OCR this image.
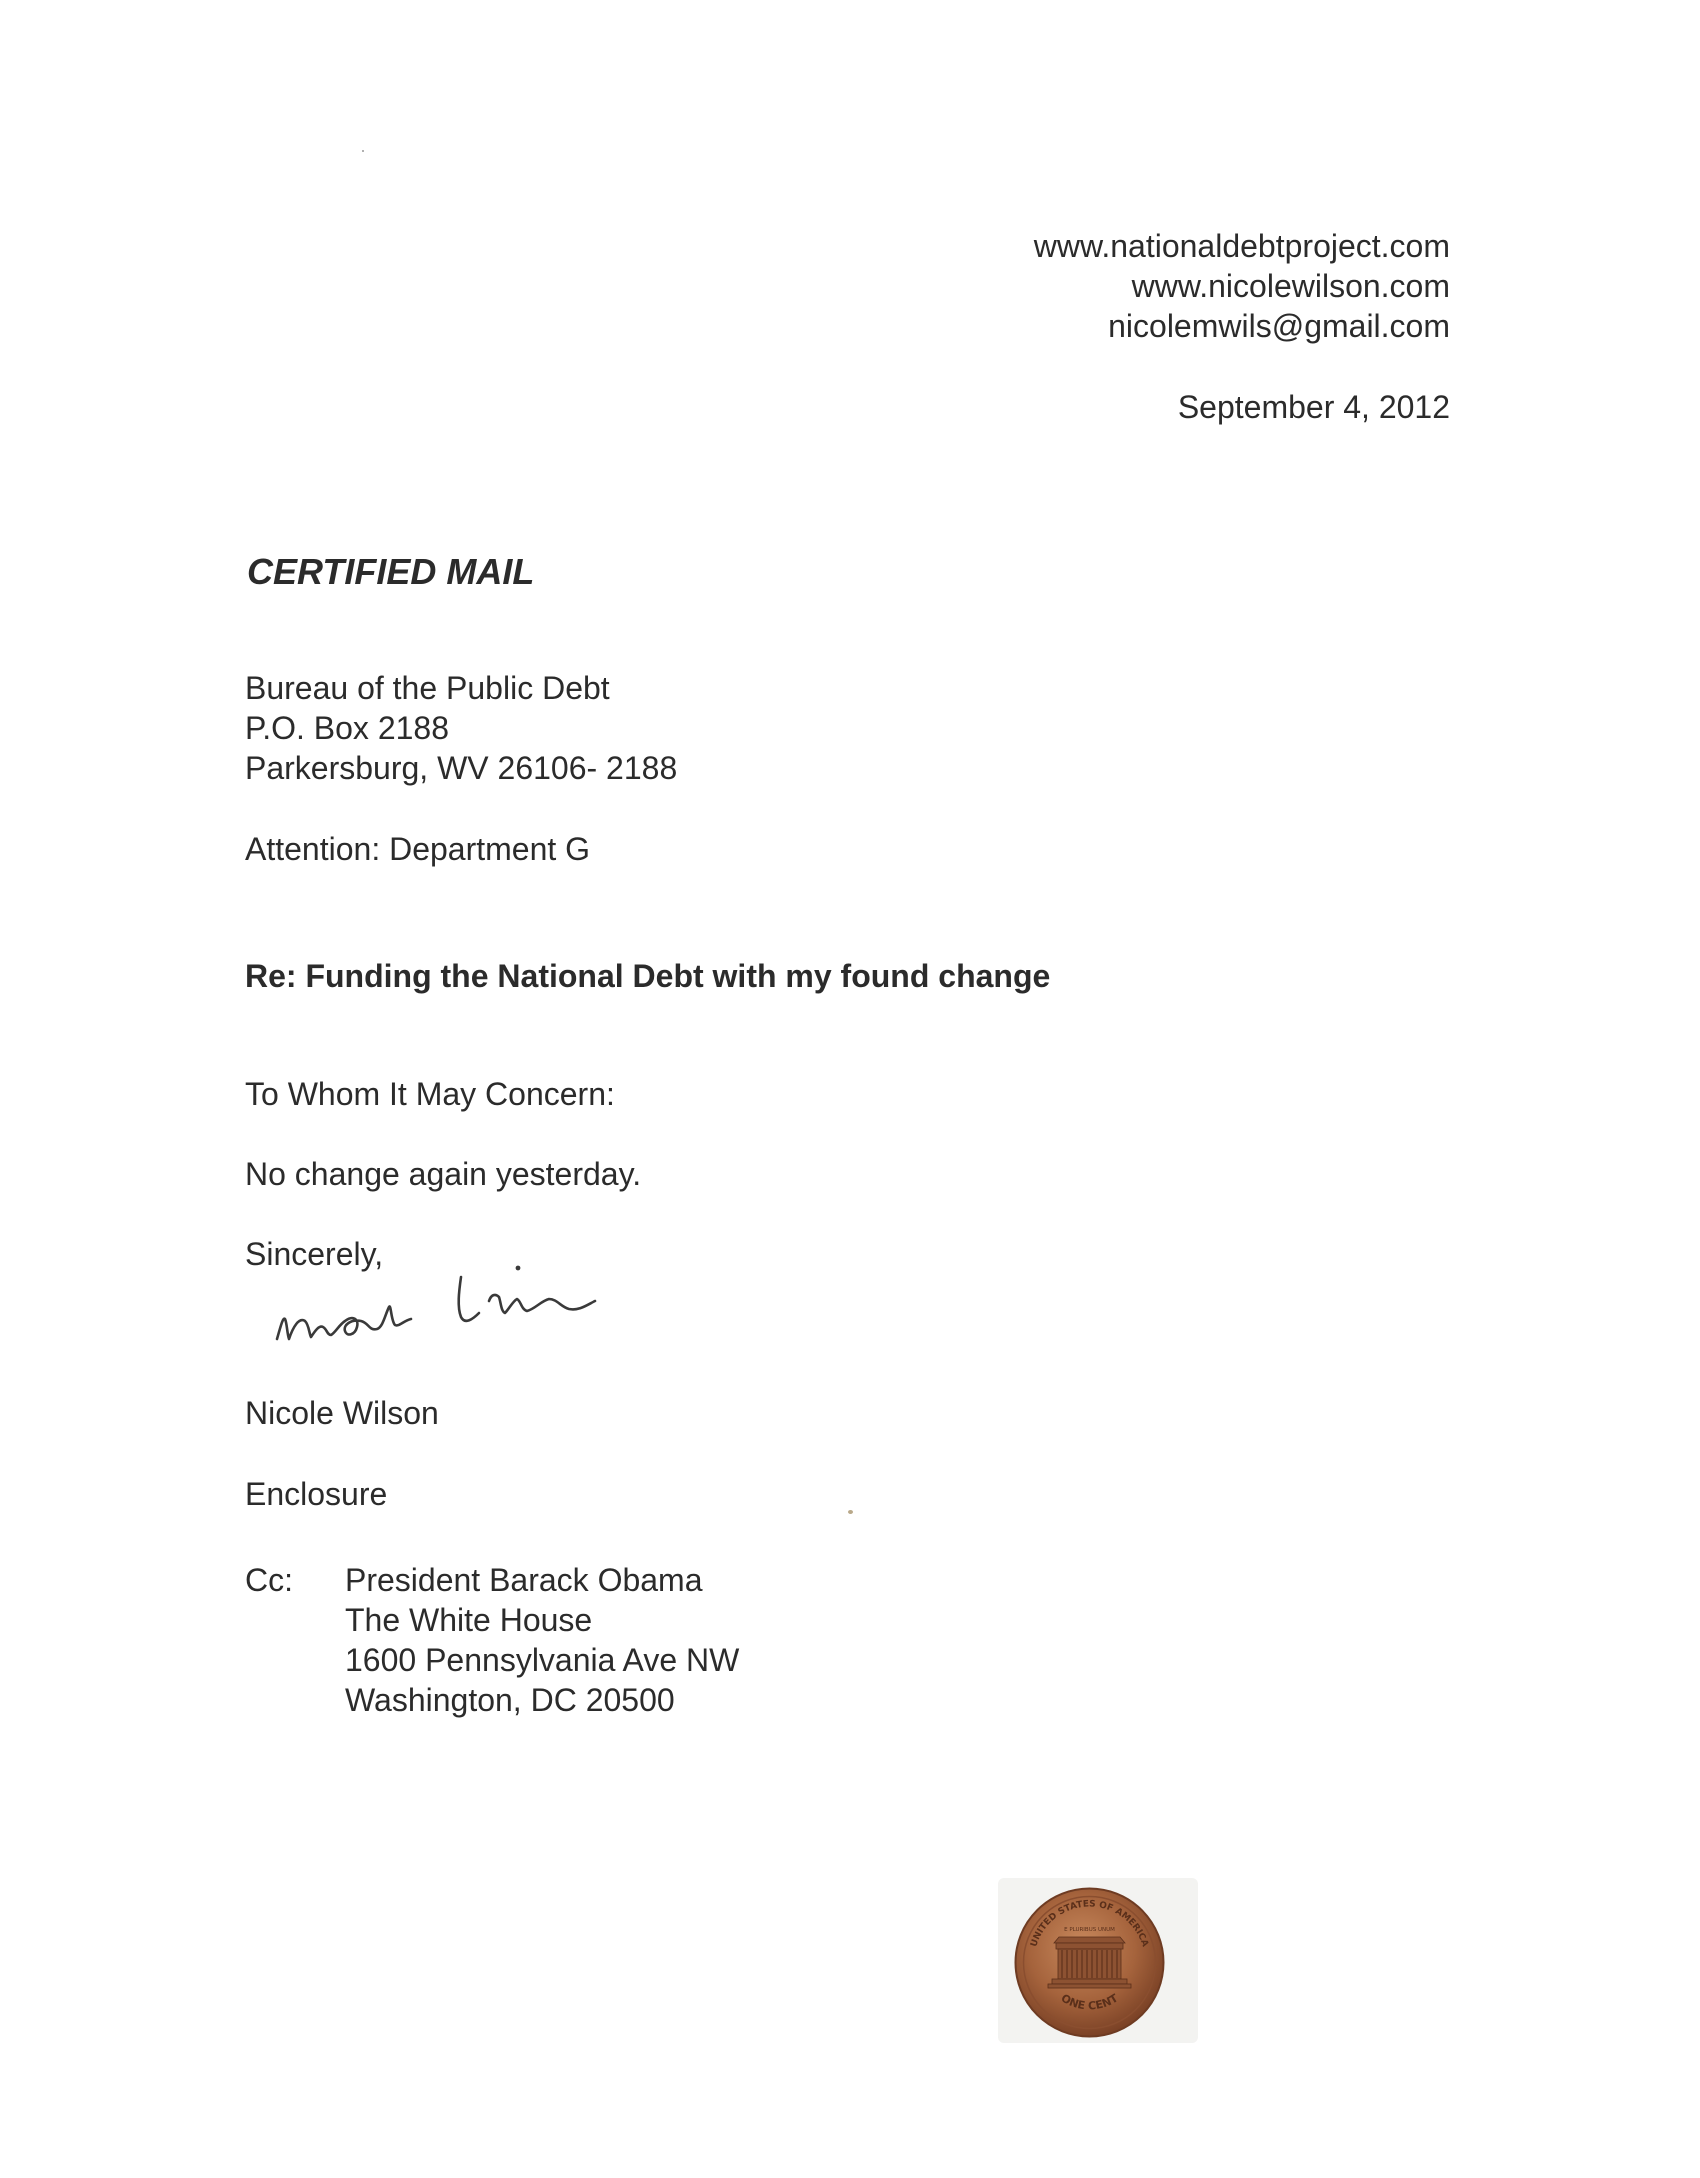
www.nationaldebtproject.com
www.nicolewilson.com
nicolemwils@gmail.com
September 4, 2012
CERTIFIED MAIL
Bureau of the Public Debt
P.O. Box 2188
Parkersburg, WV 26106- 2188
Attention: Department G
Re: Funding the National Debt with my found change
To Whom It May Concern:
No change again yesterday.
Sincerely,
Nicole Wilson
Enclosure
Cc: President Barack Obama
The White House
1600 Pennsylvania Ave NW
Washington, DC 20500
UNITED STATES OF AMERICA
E PLURIBUS UNUM
ONE CENT
